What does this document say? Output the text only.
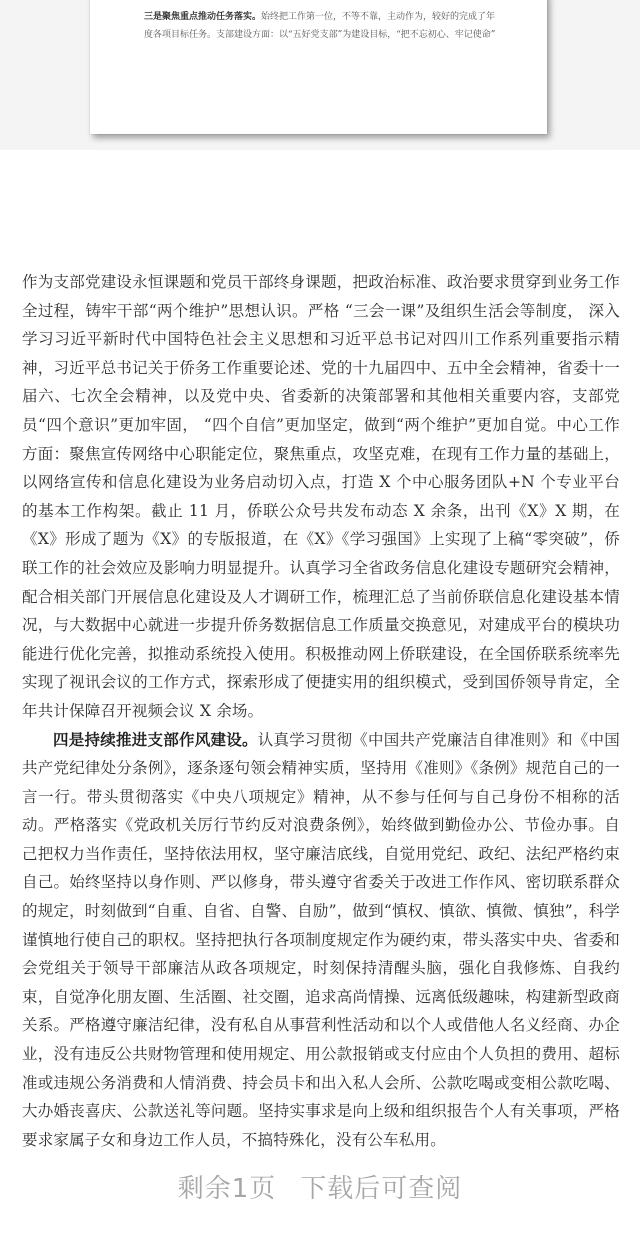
三是聚焦重点推动任务落实。始终把工作第一位，不等不靠，主动作为，较好的完成了年
度各项目标任务。支部建设方面：以“五好党支部”为建设目标，“把不忘初心、牢记使命”

作为支部党建设永恒课题和党员干部终身课题，把政治标准、政治要求贯穿到业务工作全过程，铸牢干部“两个维护”思想认识。严格 “三会一课”及组织生活会等制度， 深入学习习近平新时代中国特色社会主义思想和习近平总书记对四川工作系列重要指示精神，习近平总书记关于侨务工作重要论述、党的十九届四中、五中全会精神，省委十一届六、七次全会精神，以及党中央、省委新的决策部署和其他相关重要内容，支部党员“四个意识”更加牢固， “四个自信”更加坚定，做到“两个维护”更加自觉。中心工作方面：聚焦宣传网络中心职能定位，聚焦重点，攻坚克难，在现有工作力量的基础上，以网络宣传和信息化建设为业务启动切入点，打造 X 个中心服务团队+N 个专业平台的基本工作构架。截止 11 月，侨联公众号共发布动态 X 余条，出刊《X》X 期，在《X》形成了题为《X》的专版报道，在《X》《学习强国》上实现了上稿“零突破”，侨联工作的社会效应及影响力明显提升。认真学习全省政务信息化建设专题研究会精神，配合相关部门开展信息化建设及人才调研工作，梳理汇总了当前侨联信息化建设基本情况，与大数据中心就进一步提升侨务数据信息工作质量交换意见，对建成平台的模块功能进行优化完善，拟推动系统投入使用。积极推动网上侨联建设，在全国侨联系统率先实现了视讯会议的工作方式，探索形成了便捷实用的组织模式，受到国侨领导肯定，全年共计保障召开视频会议 X 余场。

四是持续推进支部作风建设。认真学习贯彻《中国共产党廉洁自律准则》和《中国共产党纪律处分条例》，逐条逐句领会精神实质，坚持用《准则》《条例》规范自己的一言一行。带头贯彻落实《中央八项规定》精神，从不参与任何与自己身份不相称的活动。严格落实《党政机关厉行节约反对浪费条例》，始终做到勤俭办公、节俭办事。自己把权力当作责任，坚持依法用权，坚守廉洁底线，自觉用党纪、政纪、法纪严格约束自己。始终坚持以身作则、严以修身，带头遵守省委关于改进工作作风、密切联系群众的规定，时刻做到“自重、自省、自警、自励”，做到“慎权、慎欲、慎微、慎独”，科学谨慎地行使自己的职权。坚持把执行各项制度规定作为硬约束，带头落实中央、省委和会党组关于领导干部廉洁从政各项规定，时刻保持清醒头脑，强化自我修炼、自我约束，自觉净化朋友圈、生活圈、社交圈，追求高尚情操、远离低级趣味，构建新型政商关系。严格遵守廉洁纪律，没有私自从事营利性活动和以个人或借他人名义经商、办企业，没有违反公共财物管理和使用规定、用公款报销或支付应由个人负担的费用、超标准或违规公务消费和人情消费、持会员卡和出入私人会所、公款吃喝或变相公款吃喝、大办婚丧喜庆、公款送礼等问题。坚持实事求是向上级和组织报告个人有关事项，严格要求家属子女和身边工作人员，不搞特殊化，没有公车私用。

剩余1页 下载后可查阅
